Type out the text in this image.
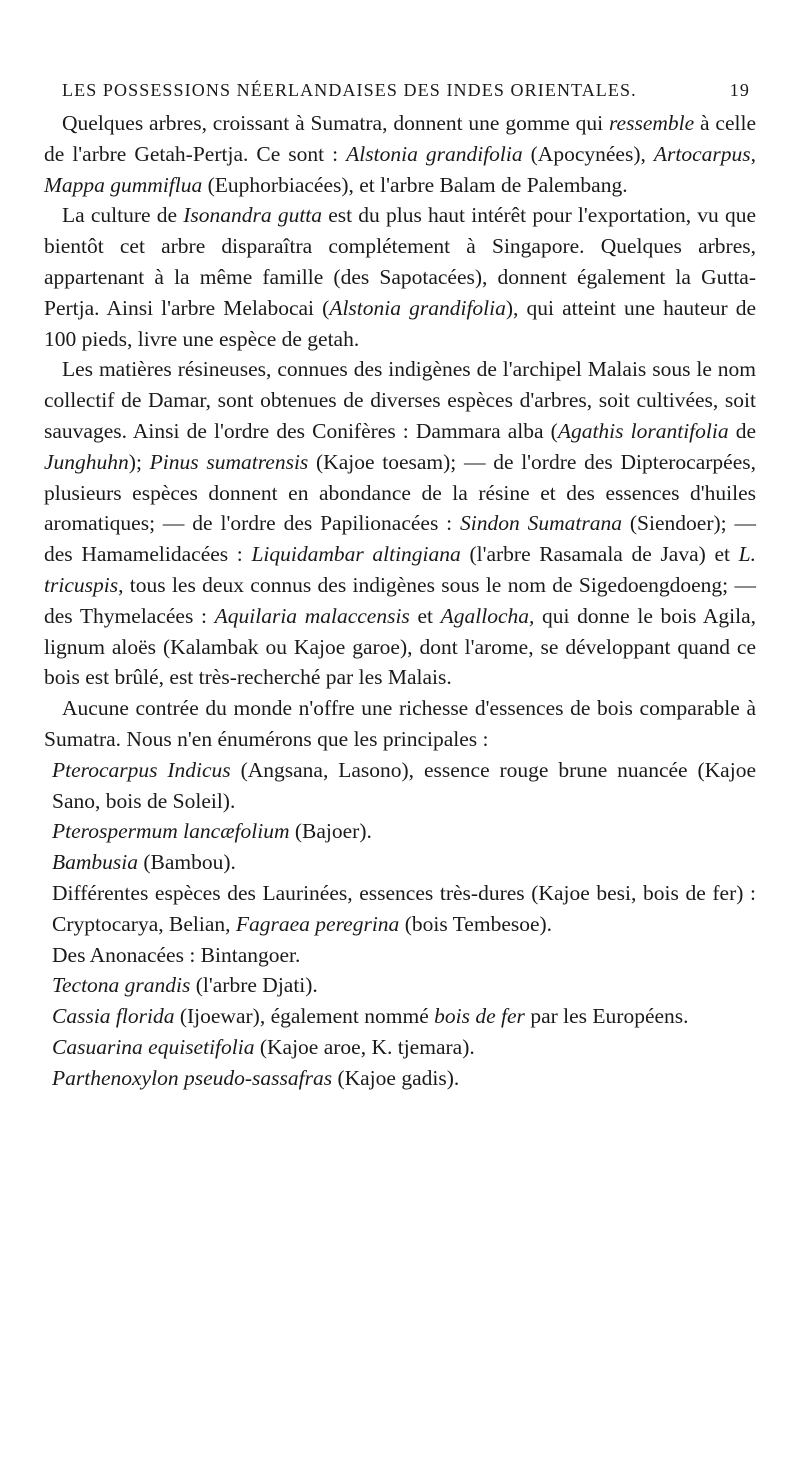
LES POSSESSIONS NÉERLANDAISES DES INDES ORIENTALES.	19

Quelques arbres, croissant à Sumatra, donnent une gomme qui ressemble à celle de l'arbre Getah-Pertja. Ce sont : Alstonia grandifolia (Apocynées), Artocarpus, Mappa gummiflua (Euphorbiacées), et l'arbre Balam de Palembang.

La culture de Isonandra gutta est du plus haut intérêt pour l'exportation, vu que bientôt cet arbre disparaîtra complétement à Singapore. Quelques arbres, appartenant à la même famille (des Sapotacées), donnent également la Gutta-Pertja. Ainsi l'arbre Melabocai (Alstonia grandifolia), qui atteint une hauteur de 100 pieds, livre une espèce de getah.

Les matières résineuses, connues des indigènes de l'archipel Malais sous le nom collectif de Damar, sont obtenues de diverses espèces d'arbres, soit cultivées, soit sauvages. Ainsi de l'ordre des Conifères : Dammara alba (Agathis lorantifolia de Junghuhn); Pinus sumatrensis (Kajoe toesam); — de l'ordre des Dipterocarpées, plusieurs espèces donnent en abondance de la résine et des essences d'huiles aromatiques; — de l'ordre des Papilionacées : Sindon Sumatrana (Siendoer); — des Hamamelidacées : Liquidambar altingiana (l'arbre Rasamala de Java) et L. tricuspis, tous les deux connus des indigènes sous le nom de Sigedoengdoeng; — des Thymelacées : Aquilaria malaccensis et Agallocha, qui donne le bois Agila, lignum aloës (Kalambak ou Kajoe garoe), dont l'arome, se développant quand ce bois est brûlé, est très-recherché par les Malais.

Aucune contrée du monde n'offre une richesse d'essences de bois comparable à Sumatra. Nous n'en énumérons que les principales :

Pterocarpus Indicus (Angsana, Lasono), essence rouge brune nuancée (Kajoe Sano, bois de Soleil).

Pterospermum lancæfolium (Bajoer).

Bambusia (Bambou).

Différentes espèces des Laurinées, essences très-dures (Kajoe besi, bois de fer) : Cryptocarya, Belian, Fagraea peregrina (bois Tembesoe).

Des Anonacées : Bintangoer.

Tectona grandis (l'arbre Djati).

Cassia florida (Ijoewar), également nommé bois de fer par les Européens.

Casuarina equisetifolia (Kajoe aroe, K. tjemara).

Parthenoxylon pseudo-sassafras (Kajoe gadis).
